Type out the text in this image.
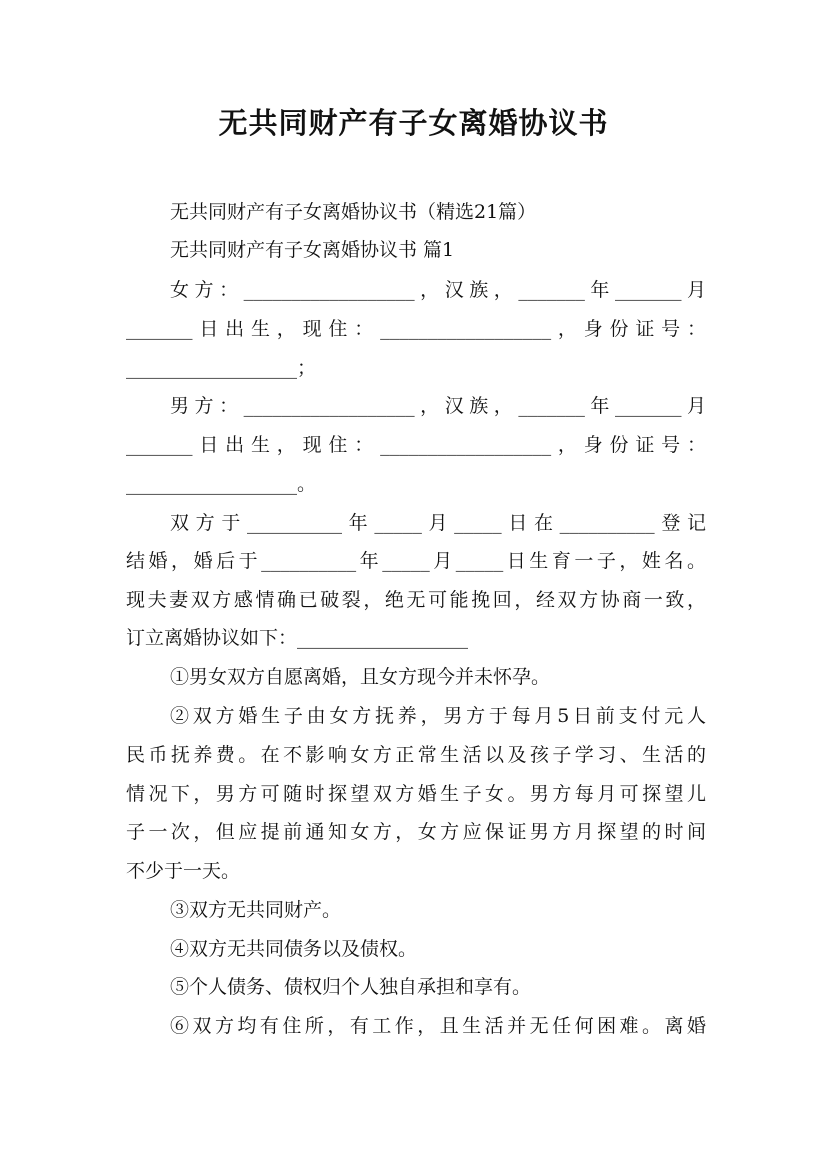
无共同财产有子女离婚协议书

无共同财产有子女离婚协议书（精选21篇）

无共同财产有子女离婚协议书 篇1

女方：__________________，汉族，_______年_______月

_______日出生，现住：__________________，身份证号：

__________________；

男方：__________________，汉族，_______年_______月

_______日出生，现住：__________________，身份证号：

__________________。

双方于__________年_____月_____日在__________登记

结婚，婚后于__________年_____月_____日生育一子，姓名。

现夫妻双方感情确已破裂，绝无可能挽回，经双方协商一致，

订立离婚协议如下：__________________

①男女双方自愿离婚，且女方现今并未怀孕。

②双方婚生子由女方抚养，男方于每月5日前支付元人

民币抚养费。在不影响女方正常生活以及孩子学习、生活的

情况下，男方可随时探望双方婚生子女。男方每月可探望儿

子一次，但应提前通知女方，女方应保证男方月探望的时间

不少于一天。

③双方无共同财产。

④双方无共同债务以及债权。

⑤个人债务、债权归个人独自承担和享有。

⑥双方均有住所，有工作，且生活并无任何困难。离婚
